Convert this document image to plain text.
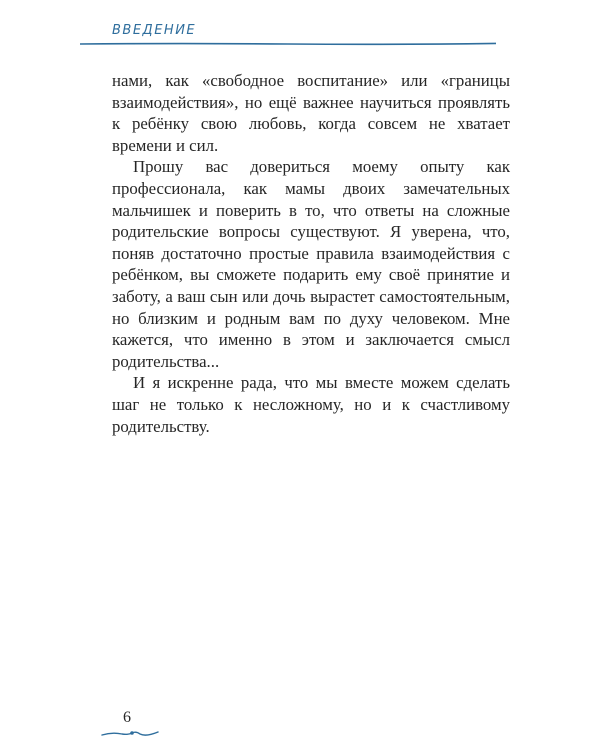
ВВЕДЕНИЕ

нами, как «свободное воспитание» или «границы взаимодействия», но ещё важнее научиться проявлять к ребёнку свою любовь, когда совсем не хватает времени и сил.

Прошу вас довериться моему опыту как профессионала, как мамы двоих замечательных мальчишек и поверить в то, что ответы на сложные родительские вопросы существуют. Я уверена, что, поняв достаточно простые правила взаимодействия с ребёнком, вы сможете подарить ему своё принятие и заботу, а ваш сын или дочь вырастет самостоятельным, но близким и родным вам по духу человеком. Мне кажется, что именно в этом и заключается смысл родительства...

И я искренне рада, что мы вместе можем сделать шаг не только к несложному, но и к счастливому родительству.

6
